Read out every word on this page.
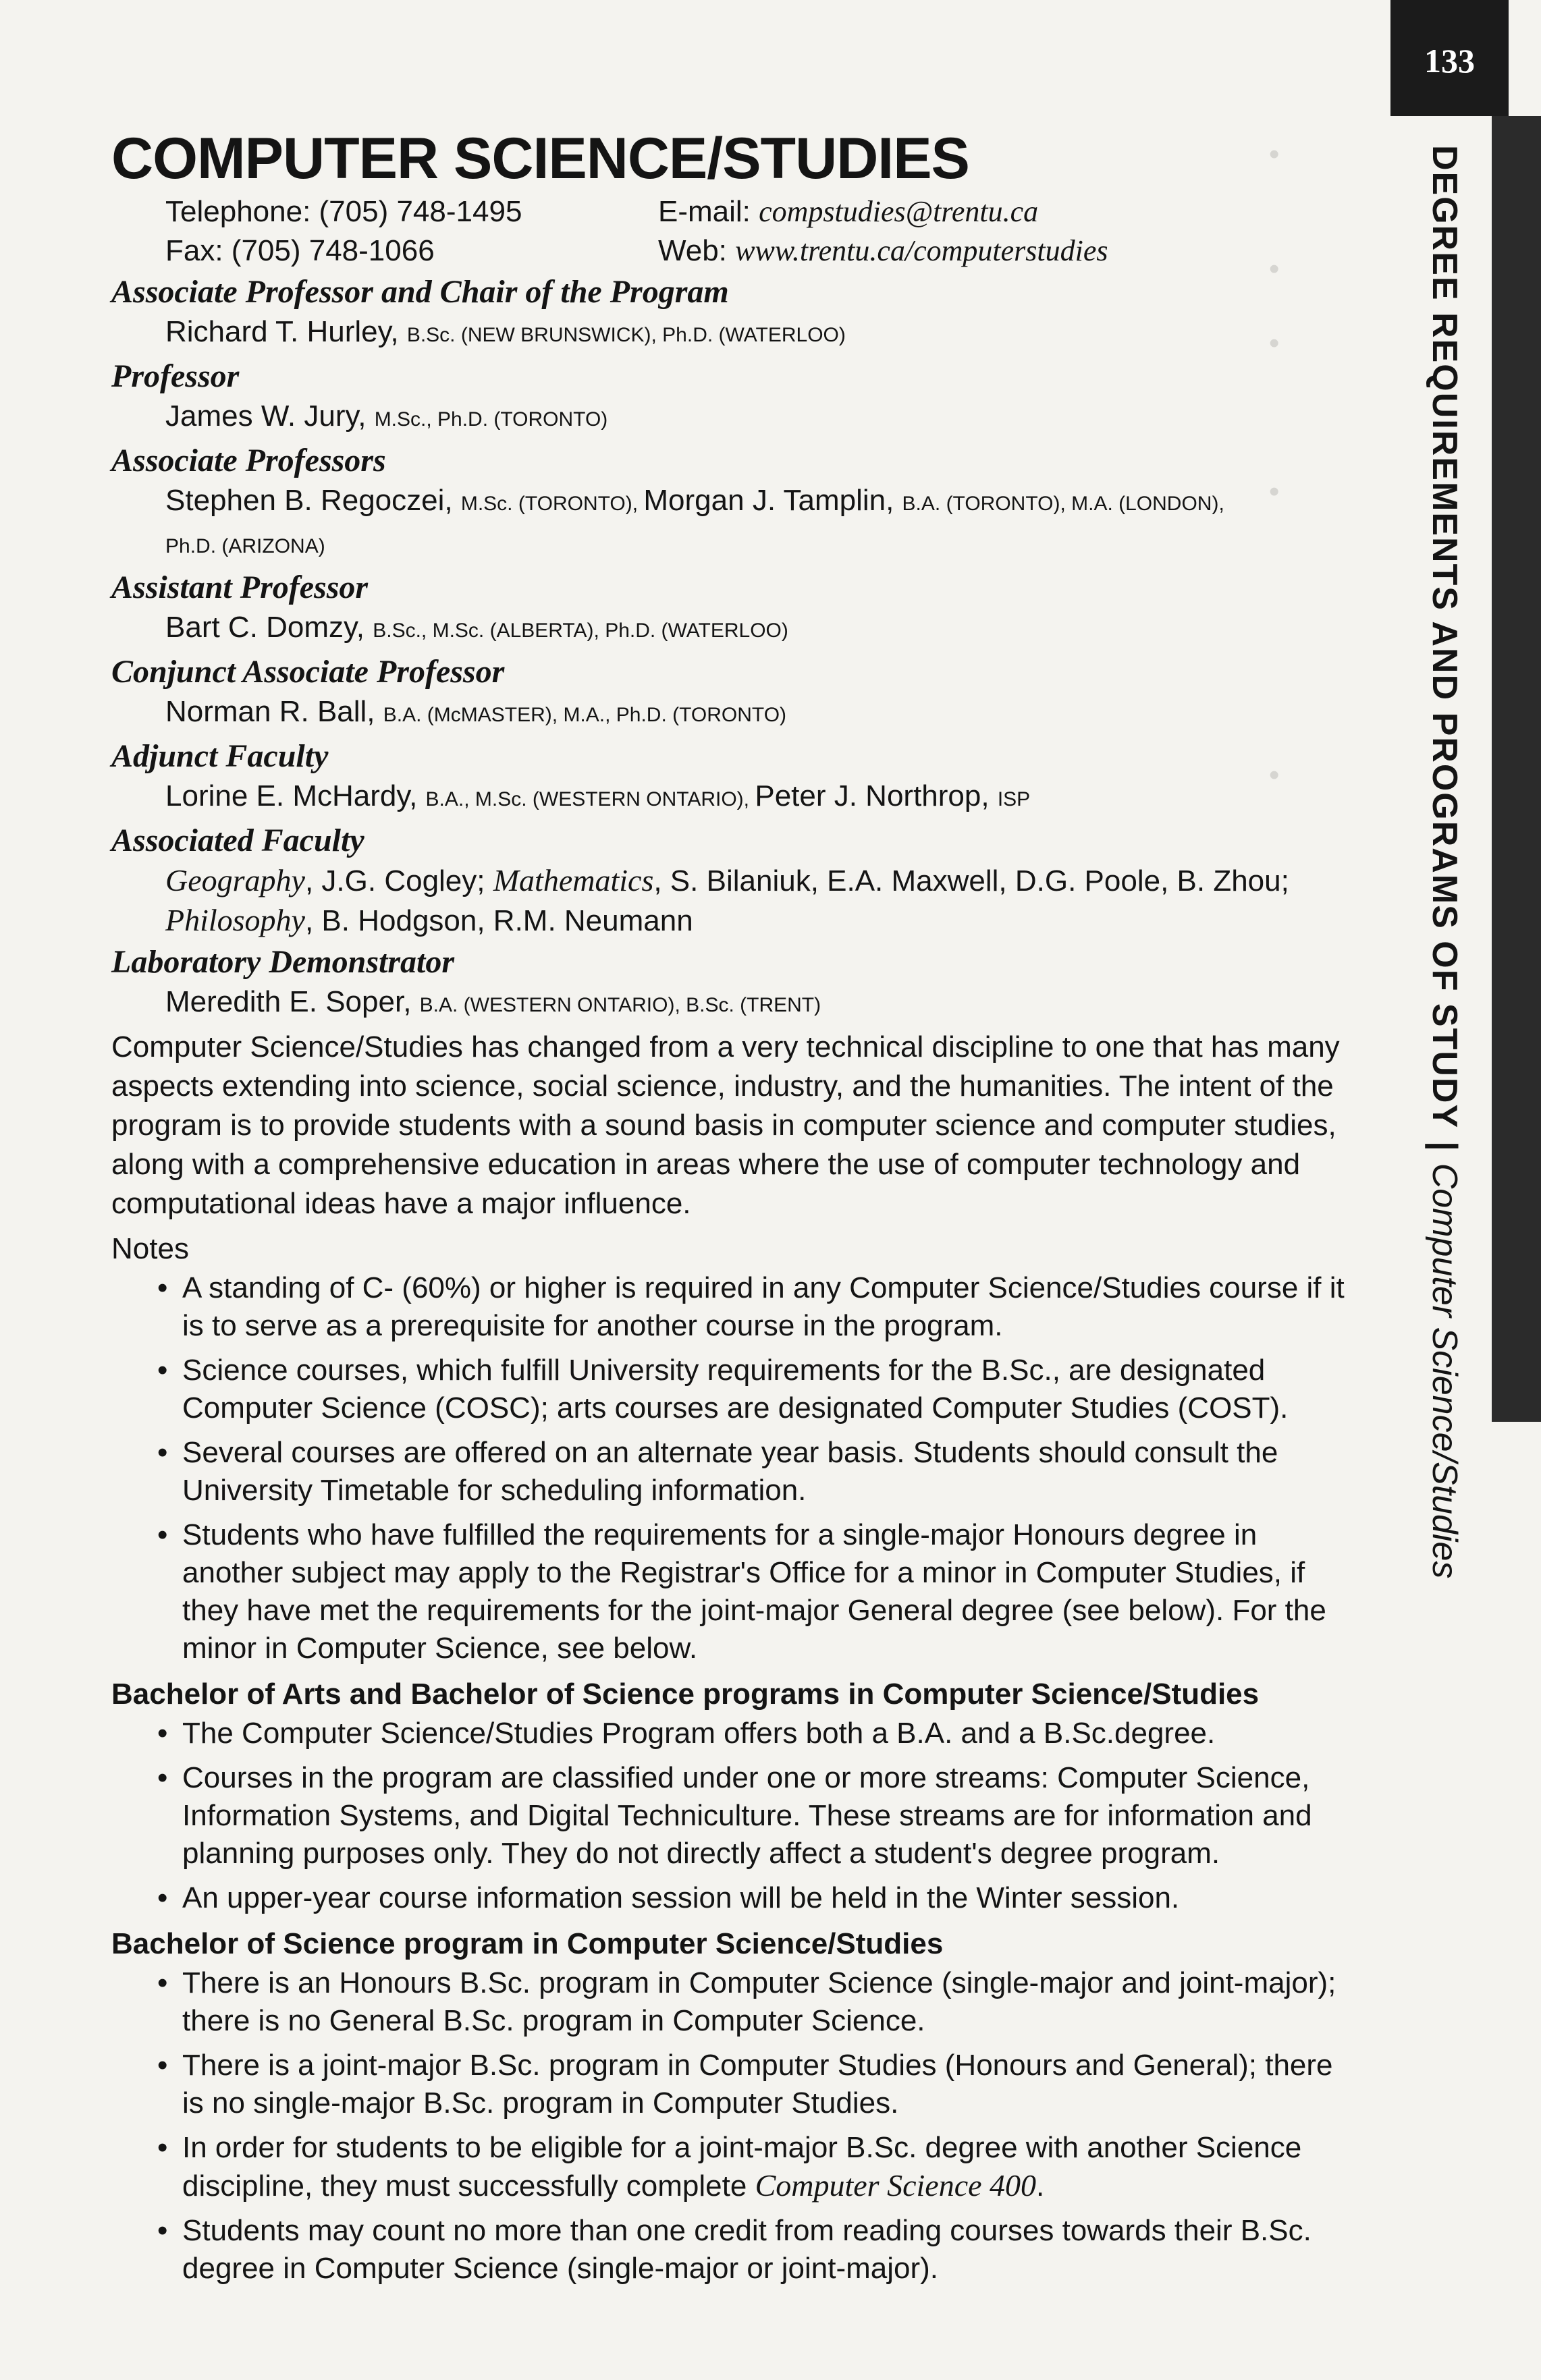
•
•
•
•
•
133
DEGREE REQUIREMENTS AND PROGRAMS OF STUDY|Computer Science/Studies
COMPUTER SCIENCE/STUDIES
Telephone: (705) 748-1495	E-mail: compstudies@trentu.ca
Fax: (705) 748-1066	Web: www.trentu.ca/computerstudies
Associate Professor and Chair of the Program
Richard T. Hurley, B.Sc. (NEW BRUNSWICK), Ph.D. (WATERLOO)
Professor
James W. Jury, M.Sc., Ph.D. (TORONTO)
Associate Professors
Stephen B. Regoczei, M.Sc. (TORONTO), Morgan J. Tamplin, B.A. (TORONTO), M.A. (LONDON),
Ph.D. (ARIZONA)
Assistant Professor
Bart C. Domzy, B.Sc., M.Sc. (ALBERTA), Ph.D. (WATERLOO)
Conjunct Associate Professor
Norman R. Ball, B.A. (McMASTER), M.A., Ph.D. (TORONTO)
Adjunct Faculty
Lorine E. McHardy, B.A., M.Sc. (WESTERN ONTARIO), Peter J. Northrop, ISP
Associated Faculty
Geography, J.G. Cogley; Mathematics, S. Bilaniuk, E.A. Maxwell, D.G. Poole, B. Zhou;
Philosophy, B. Hodgson, R.M. Neumann
Laboratory Demonstrator
Meredith E. Soper, B.A. (WESTERN ONTARIO), B.Sc. (TRENT)
Computer Science/Studies has changed from a very technical discipline to one that has many aspects extending into science, social science, industry, and the humanities. The intent of the program is to provide students with a sound basis in computer science and computer studies, along with a comprehensive education in areas where the use of computer technology and computational ideas have a major influence.
Notes
• A standing of C- (60%) or higher is required in any Computer Science/Studies course if it is to serve as a prerequisite for another course in the program.
• Science courses, which fulfill University requirements for the B.Sc., are designated Computer Science (COSC); arts courses are designated Computer Studies (COST).
• Several courses are offered on an alternate year basis. Students should consult the University Timetable for scheduling information.
• Students who have fulfilled the requirements for a single-major Honours degree in another subject may apply to the Registrar's Office for a minor in Computer Studies, if they have met the requirements for the joint-major General degree (see below). For the minor in Computer Science, see below.
Bachelor of Arts and Bachelor of Science programs in Computer Science/Studies
• The Computer Science/Studies Program offers both a B.A. and a B.Sc.degree.
• Courses in the program are classified under one or more streams: Computer Science, Information Systems, and Digital Techniculture. These streams are for information and planning purposes only. They do not directly affect a student's degree program.
• An upper-year course information session will be held in the Winter session.
Bachelor of Science program in Computer Science/Studies
• There is an Honours B.Sc. program in Computer Science (single-major and joint-major); there is no General B.Sc. program in Computer Science.
• There is a joint-major B.Sc. program in Computer Studies (Honours and General); there is no single-major B.Sc. program in Computer Studies.
• In order for students to be eligible for a joint-major B.Sc. degree with another Science discipline, they must successfully complete Computer Science 400.
• Students may count no more than one credit from reading courses towards their B.Sc. degree in Computer Science (single-major or joint-major).
